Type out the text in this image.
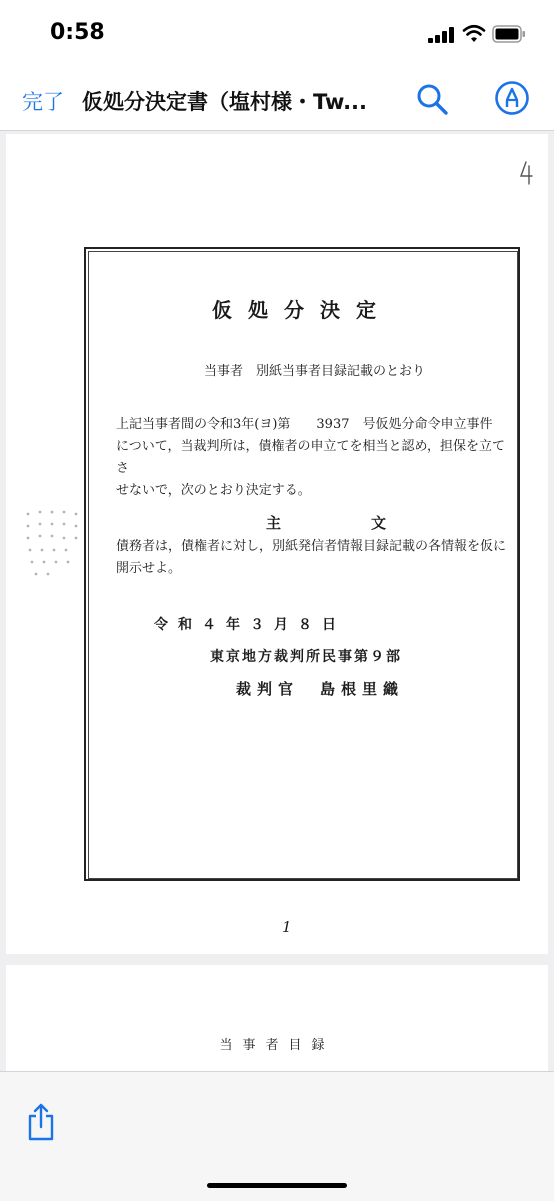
0:58
完了 仮処分決定書（塩村様・Tw...
仮処分決定
当事者 別紙当事者目録記載のとおり
上記当事者間の令和3年(ヨ)第　　3937　号仮処分命令申立事件
について，当裁判所は，債権者の申立てを相当と認め，担保を立てさ
せないで，次のとおり決定する。
主文
債務者は，債権者に対し，別紙発信者情報目録記載の各情報を仮に
開示せよ。
令和４年３月８日
東京地方裁判所民事第９部
裁判官　島根里織
1
当事者目録
